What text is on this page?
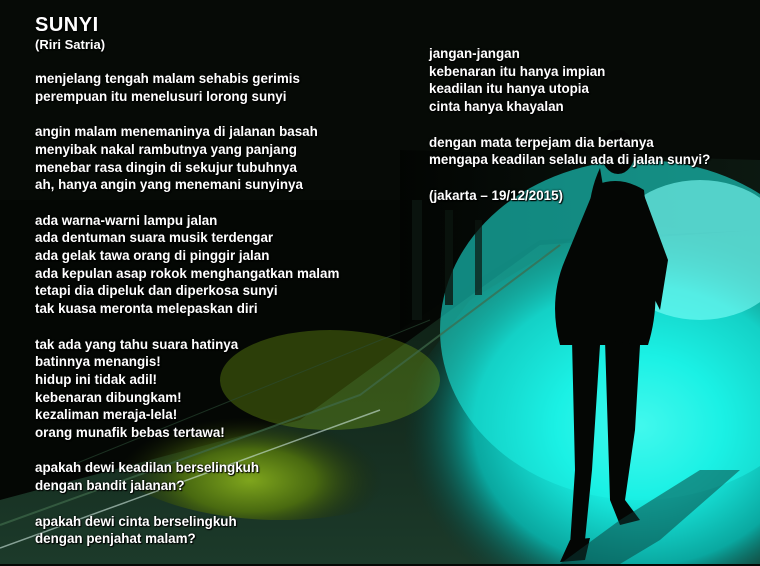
SUNYI
(Riri Satria)
menjelang tengah malam sehabis gerimis
perempuan itu menelusuri lorong sunyi
angin malam menemaninya di jalanan basah
menyibak nakal rambutnya yang panjang
menebar rasa dingin di sekujur tubuhnya
ah, hanya angin yang menemani sunyinya
ada warna-warni lampu jalan
ada dentuman suara musik terdengar
ada gelak tawa orang di pinggir jalan
ada kepulan asap rokok menghangatkan malam
tetapi dia dipeluk dan diperkosa sunyi
tak kuasa meronta melepaskan diri
tak ada yang tahu suara hatinya
batinnya menangis!
hidup ini tidak adil!
kebenaran dibungkam!
kezaliman meraja-lela!
orang munafik bebas tertawa!
apakah dewi keadilan berselingkuh
dengan bandit jalanan?
apakah dewi cinta berselingkuh
dengan penjahat malam?
jangan-jangan
kebenaran itu hanya impian
keadilan itu hanya utopia
cinta hanya khayalan
dengan mata terpejam dia bertanya
mengapa keadilan selalu ada di jalan sunyi?
(jakarta – 19/12/2015)
